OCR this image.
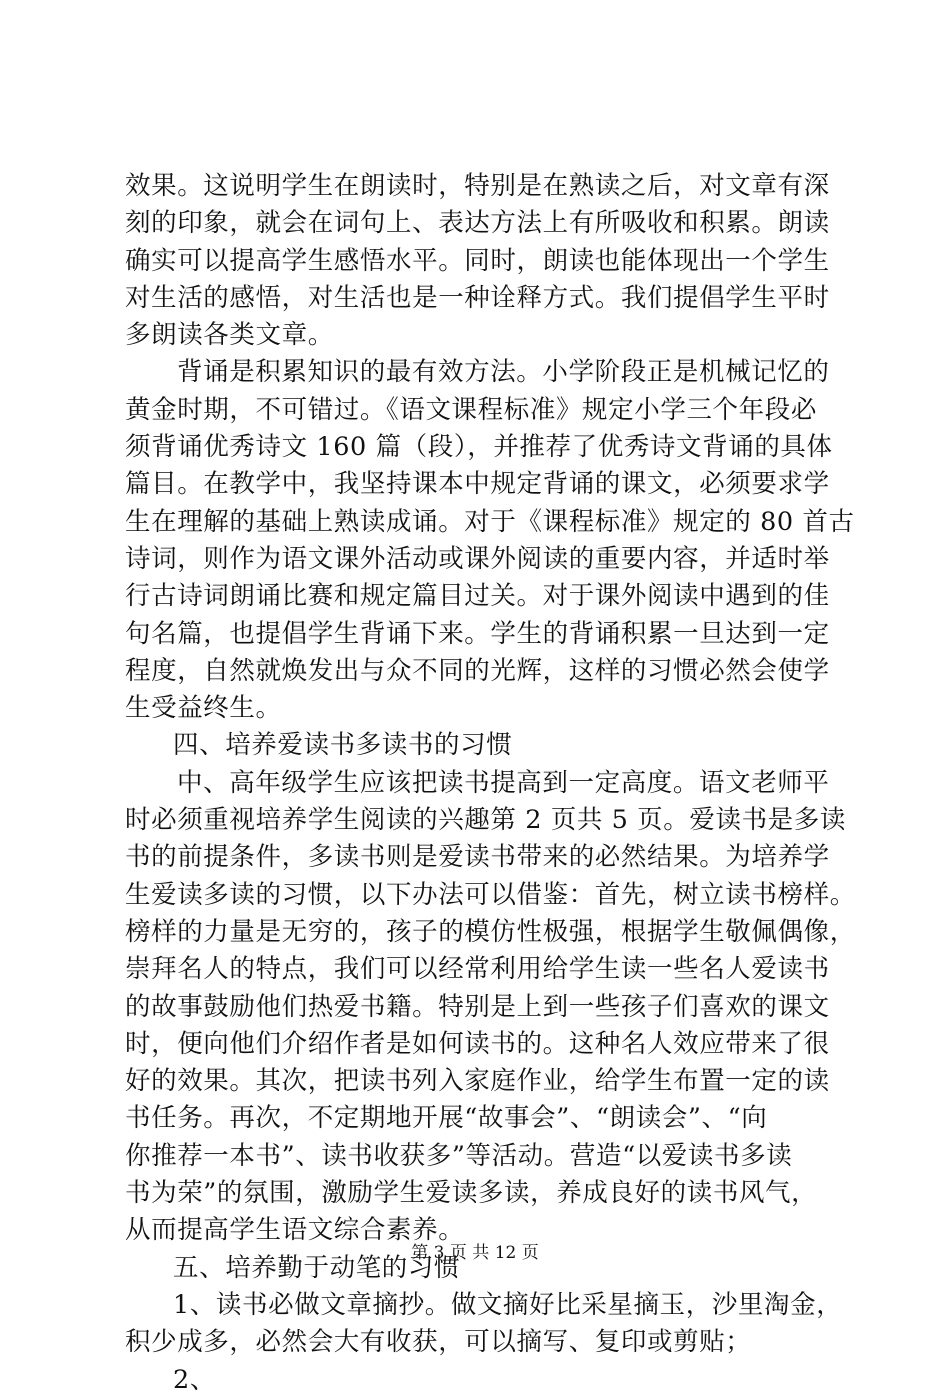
效果。这说明学生在朗读时，特别是在熟读之后，对文章有深
刻的印象，就会在词句上、表达方法上有所吸收和积累。朗读
确实可以提高学生感悟水平。同时，朗读也能体现出一个学生
对生活的感悟，对生活也是一种诠释方式。我们提倡学生平时
多朗读各类文章。
背诵是积累知识的最有效方法。小学阶段正是机械记忆的
黄金时期，不可错过。《语文课程标准》规定小学三个年段必
须背诵优秀诗文 160 篇（段），并推荐了优秀诗文背诵的具体
篇目。在教学中，我坚持课本中规定背诵的课文，必须要求学
生在理解的基础上熟读成诵。对于《课程标准》规定的 80 首古
诗词，则作为语文课外活动或课外阅读的重要内容，并适时举
行古诗词朗诵比赛和规定篇目过关。对于课外阅读中遇到的佳
句名篇，也提倡学生背诵下来。学生的背诵积累一旦达到一定
程度，自然就焕发出与众不同的光辉，这样的习惯必然会使学
生受益终生。
四、培养爱读书多读书的习惯
中、高年级学生应该把读书提高到一定高度。语文老师平
时必须重视培养学生阅读的兴趣第 2 页共 5 页。爱读书是多读
书的前提条件，多读书则是爱读书带来的必然结果。为培养学
生爱读多读的习惯，以下办法可以借鉴：首先，树立读书榜样。
榜样的力量是无穷的，孩子的模仿性极强，根据学生敬佩偶像，
崇拜名人的特点，我们可以经常利用给学生读一些名人爱读书
的故事鼓励他们热爱书籍。特别是上到一些孩子们喜欢的课文
时，便向他们介绍作者是如何读书的。这种名人效应带来了很
好的效果。其次，把读书列入家庭作业，给学生布置一定的读
书任务。再次，不定期地开展“故事会”、“朗读会”、“向
你推荐一本书”、读书收获多”等活动。营造“以爱读书多读
书为荣”的氛围，激励学生爱读多读，养成良好的读书风气，
从而提高学生语文综合素养。
五、培养勤于动笔的习惯
1、读书必做文章摘抄。做文摘好比采星摘玉，沙里淘金，
积少成多，必然会大有收获，可以摘写、复印或剪贴；
2、
第 3 页 共 12 页
